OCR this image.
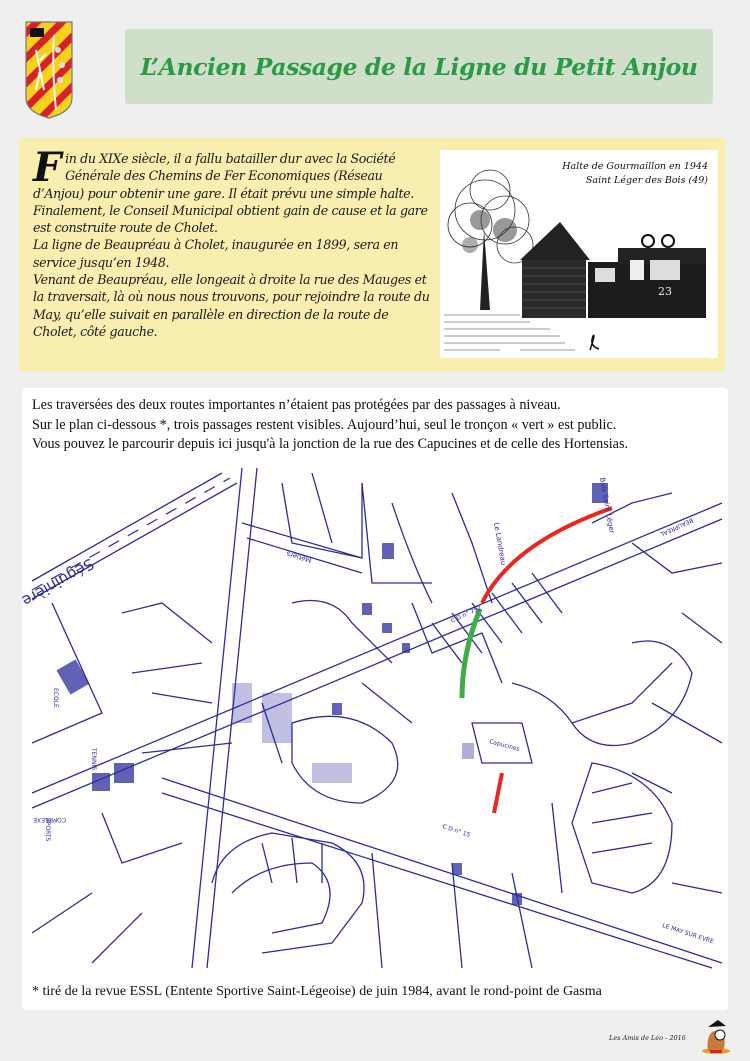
L’Ancien Passage de la Ligne du Petit Anjou
F in du XIXe siècle, il a fallu batailler dur avec la Société Générale des Chemins de Fer Economiques (Réseau d’Anjou) pour obtenir une gare. Il était prévu une simple halte.
Finalement, le Conseil Municipal obtient gain de cause et la gare est construite route de Cholet.
La ligne de Beaupréau à Cholet, inaugurée en 1899, sera en service jusqu’en 1948.
Venant de Beaupréau, elle longeait à droite la rue des Mauges et la traversait, là où nous nous trouvons, pour rejoindre la route du May, qu’elle suivait en parallèle en direction de la route de Cholet, côté gauche.
23
Halte de Gourmaillon en 1944
Saint Léger des Bois (49)
Les traversées des deux routes importantes n’étaient pas protégées par des passages à niveau.
Sur le plan ci-dessous *, trois passages restent visibles. Aujourd’hui, seul le tronçon « vert » est public.
Vous pouvez le parcourir depuis ici jusqu'à la jonction de la rue des Capucines et de celle des Hortensias.
Séguinière	Métiers	Le Landreau
Bois Saint Léger
ECOLE
TENNIS
COMPLEXE
SPORTS
C D n° 752
C D n° 15
Capucines
LE MAY SUR EVRE
BEAUPREAL
* tiré de la revue ESSL (Entente Sportive Saint-Légeoise) de juin 1984, avant le rond-point de Gasma
Les Amis de Léo - 2016
